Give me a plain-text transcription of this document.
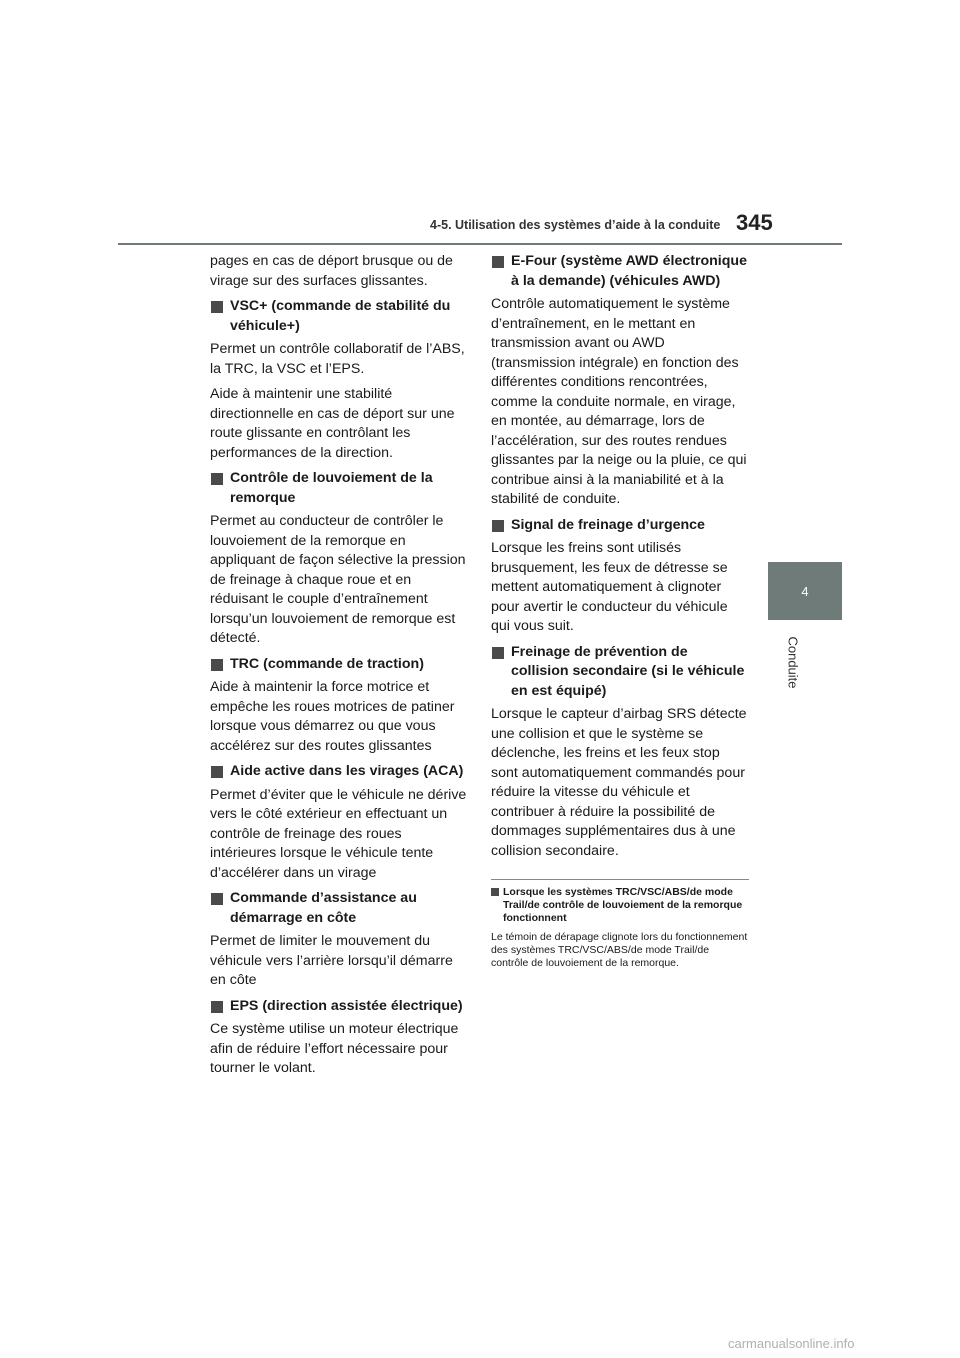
4-5. Utilisation des systèmes d’aide à la conduite 345
4
Conduite

pages en cas de déport brusque ou de virage sur des surfaces glissantes.

VSC+ (commande de stabilité du véhicule+)

Permet un contrôle collaboratif de l’ABS, la TRC, la VSC et l’EPS.

Aide à maintenir une stabilité directionnelle en cas de déport sur une route glissante en contrôlant les performances de la direction.

Contrôle de louvoiement de la remorque

Permet au conducteur de contrôler le louvoiement de la remorque en appliquant de façon sélective la pression de freinage à chaque roue et en réduisant le couple d’entraînement lorsqu’un louvoiement de remorque est détecté.

TRC (commande de traction)

Aide à maintenir la force motrice et empêche les roues motrices de patiner lorsque vous démarrez ou que vous accélérez sur des routes glissantes

Aide active dans les virages (ACA)

Permet d’éviter que le véhicule ne dérive vers le côté extérieur en effectuant un contrôle de freinage des roues intérieures lorsque le véhicule tente d’accélérer dans un virage

Commande d’assistance au démarrage en côte

Permet de limiter le mouvement du véhicule vers l’arrière lorsqu’il démarre en côte

EPS (direction assistée électrique)

Ce système utilise un moteur électrique afin de réduire l’effort nécessaire pour tourner le volant.

E-Four (système AWD électronique à la demande) (véhicules AWD)

Contrôle automatiquement le système d’entraînement, en le mettant en transmission avant ou AWD (transmission intégrale) en fonction des différentes conditions rencontrées, comme la conduite normale, en virage, en montée, au démarrage, lors de l’accélération, sur des routes rendues glissantes par la neige ou la pluie, ce qui contribue ainsi à la maniabilité et à la stabilité de conduite.

Signal de freinage d’urgence

Lorsque les freins sont utilisés brusquement, les feux de détresse se mettent automatiquement à clignoter pour avertir le conducteur du véhicule qui vous suit.

Freinage de prévention de collision secondaire (si le véhicule en est équipé)

Lorsque le capteur d’airbag SRS détecte une collision et que le système se déclenche, les freins et les feux stop sont automatiquement commandés pour réduire la vitesse du véhicule et contribuer à réduire la possibilité de dommages supplémentaires dus à une collision secondaire.

Lorsque les systèmes TRC/VSC/ABS/de mode Trail/de contrôle de louvoiement de la remorque fonctionnent

Le témoin de dérapage clignote lors du fonctionnement des systèmes TRC/VSC/ABS/de mode Trail/de contrôle de louvoiement de la remorque.

carmanualsonline.info
